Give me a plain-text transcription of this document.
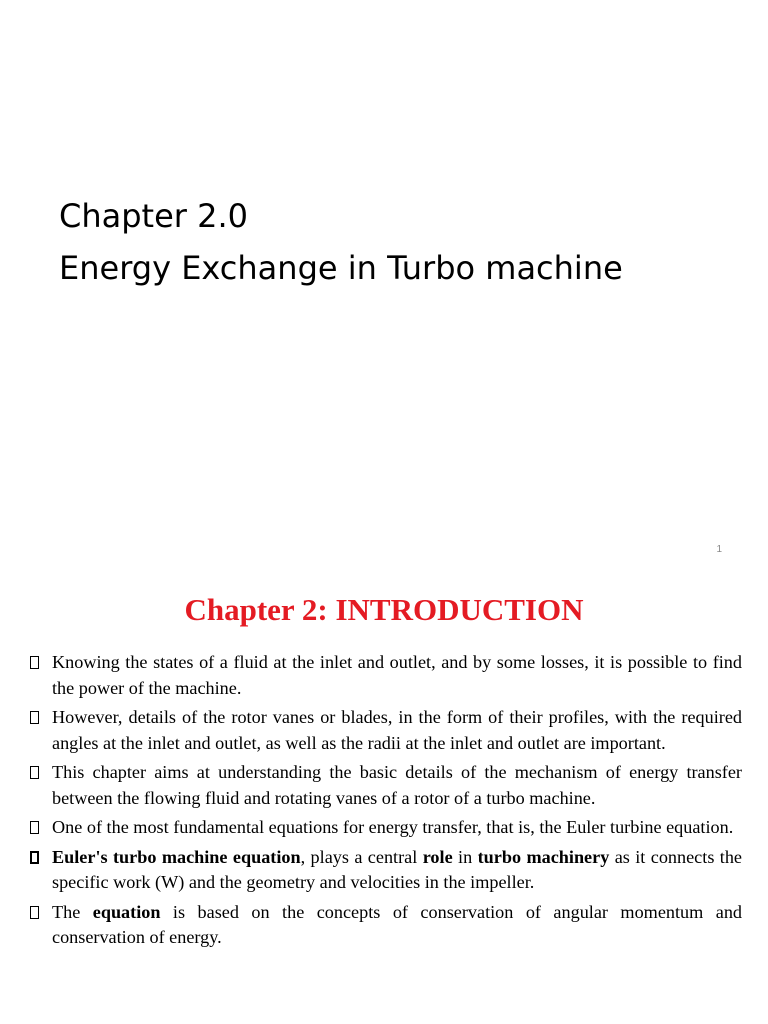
Chapter 2.0
Energy Exchange in Turbo machine
1
Chapter 2: INTRODUCTION
Knowing the states of a fluid at the inlet and outlet, and by some losses, it is possible to find the power of the machine.
However, details of the rotor vanes or blades, in the form of their profiles, with the required angles at the inlet and outlet, as well as the radii at the inlet and outlet are important.
This chapter aims at understanding the basic details of the mechanism of energy transfer between the flowing fluid and rotating vanes of a rotor of a turbo machine.
One of the most fundamental equations for energy transfer, that is, the Euler turbine equation.
Euler's turbo machine equation, plays a central role in turbo machinery as it connects the specific work (W) and the geometry and velocities in the impeller.
The equation is based on the concepts of conservation of angular momentum and conservation of energy.
